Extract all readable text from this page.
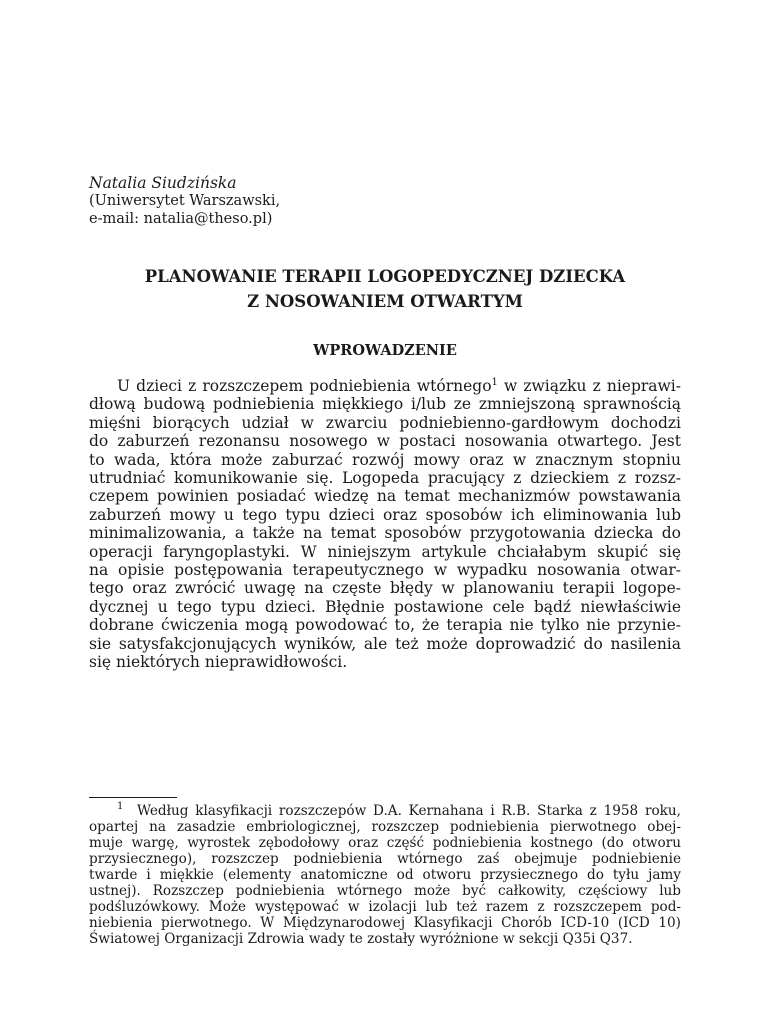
Natalia Siudzińska

(Uniwersytet Warszawski,
e-mail: natalia@theso.pl)

PLANOWANIE TERAPII LOGOPEDYCZNEJ DZIECKA
Z NOSOWANIEM OTWARTYM
WPROWADZENIE
U dzieci z rozszczepem podniebienia wtórnego$^1$ w związku z nieprawi-
dłową budową podniebienia miękkiego i/lub ze zmniejszoną sprawnością
mięśni biorących udział w zwarciu podniebienno-gardłowym dochodzi
do zaburzeń rezonansu nosowego w postaci nosowania otwartego. Jest
to wada, która może zaburzać rozwój mowy oraz w znacznym stopniu
utrudniać komunikowanie się. Logopeda pracujący z dzieckiem z rozsz-
czepem powinien posiadać wiedzę na temat mechanizmów powstawania
zaburzeń mowy u tego typu dzieci oraz sposobów ich eliminowania lub
minimalizowania, a także na temat sposobów przygotowania dziecka do
operacji faryngoplastyki. W niniejszym artykule chciałabym skupić się
na opisie postępowania terapeutycznego w wypadku nosowania otwar-
tego oraz zwrócić uwagę na częste błędy w planowaniu terapii logope-
dycznej u tego typu dzieci. Błędnie postawione cele bądź niewłaściwie
dobrane ćwiczenia mogą powodować to, że terapia nie tylko nie przynie-
sie satysfakcjonujących wyników, ale też może doprowadzić do nasilenia
się niektórych nieprawidłowości.
$^1$ Według klasyfikacji rozszczepów D.A. Kernahana i R.B. Starka z 1958 roku,
opartej na zasadzie embriologicznej, rozszczep podniebienia pierwotnego obej-
muje wargę, wyrostek zębodołowy oraz część podniebienia kostnego (do otworu
przysiecznego), rozszczep podniebienia wtórnego zaś obejmuje podniebienie
twarde i miękkie (elementy anatomiczne od otworu przysiecznego do tyłu jamy
ustnej). Rozszczep podniebienia wtórnego może być całkowity, częściowy lub
podśluzówkowy. Może występować w izolacji lub też razem z rozszczepem pod-
niebienia pierwotnego. W Międzynarodowej Klasyfikacji Chorób ICD-10 (ICD 10)
Światowej Organizacji Zdrowia wady te zostały wyróżnione w sekcji Q35i Q37.
